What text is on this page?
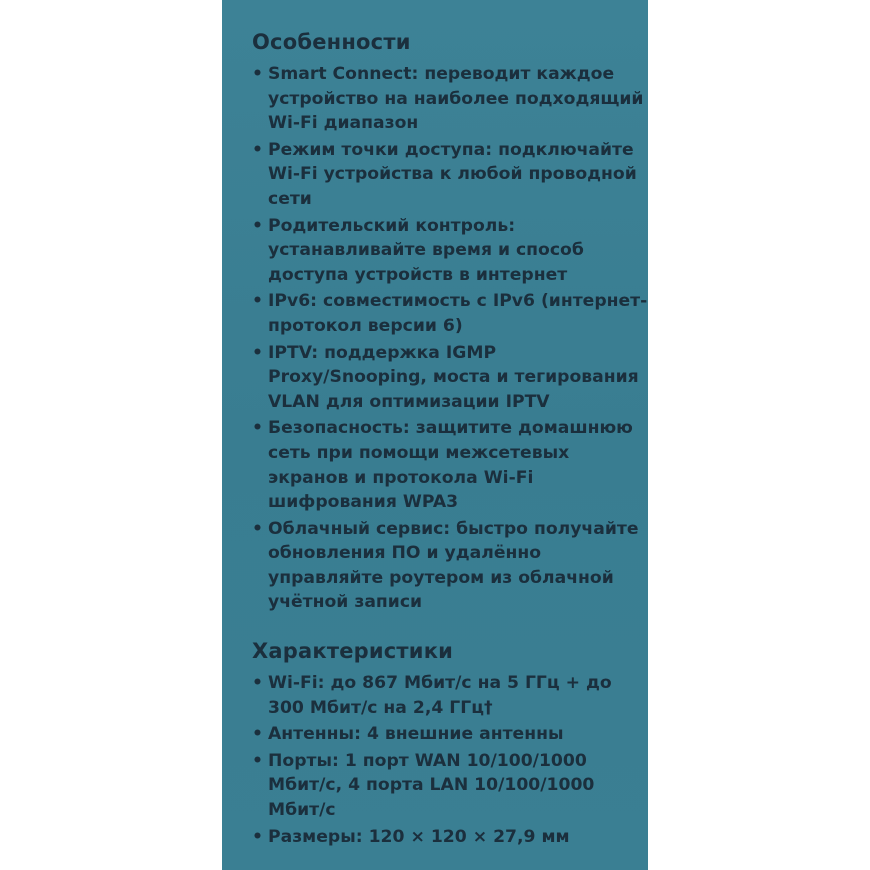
Особенности
• Smart Connect: переводит каждое устройство на наиболее подходящий Wi-Fi диапазон
• Режим точки доступа: подключайте Wi-Fi устройства к любой проводной сети
• Родительский контроль: устанавливайте время и способ доступа устройств в интернет
• IPv6: совместимость с IPv6 (интернет-протокол версии 6)
• IPTV: поддержка IGMP Proxy/Snooping, моста и тегирования VLAN для оптимизации IPTV
• Безопасность: защитите домашнюю сеть при помощи межсетевых экранов и протокола Wi-Fi шифрования WPA3
• Облачный сервис: быстро получайте обновления ПО и удалённо управляйте роутером из облачной учётной записи
Характеристики
• Wi-Fi: до 867 Мбит/с на 5 ГГц + до 300 Мбит/с на 2,4 ГГц†
• Антенны: 4 внешние антенны
• Порты: 1 порт WAN 10/100/1000 Мбит/с, 4 порта LAN 10/100/1000 Мбит/с
• Размеры: 120 × 120 × 27,9 мм
